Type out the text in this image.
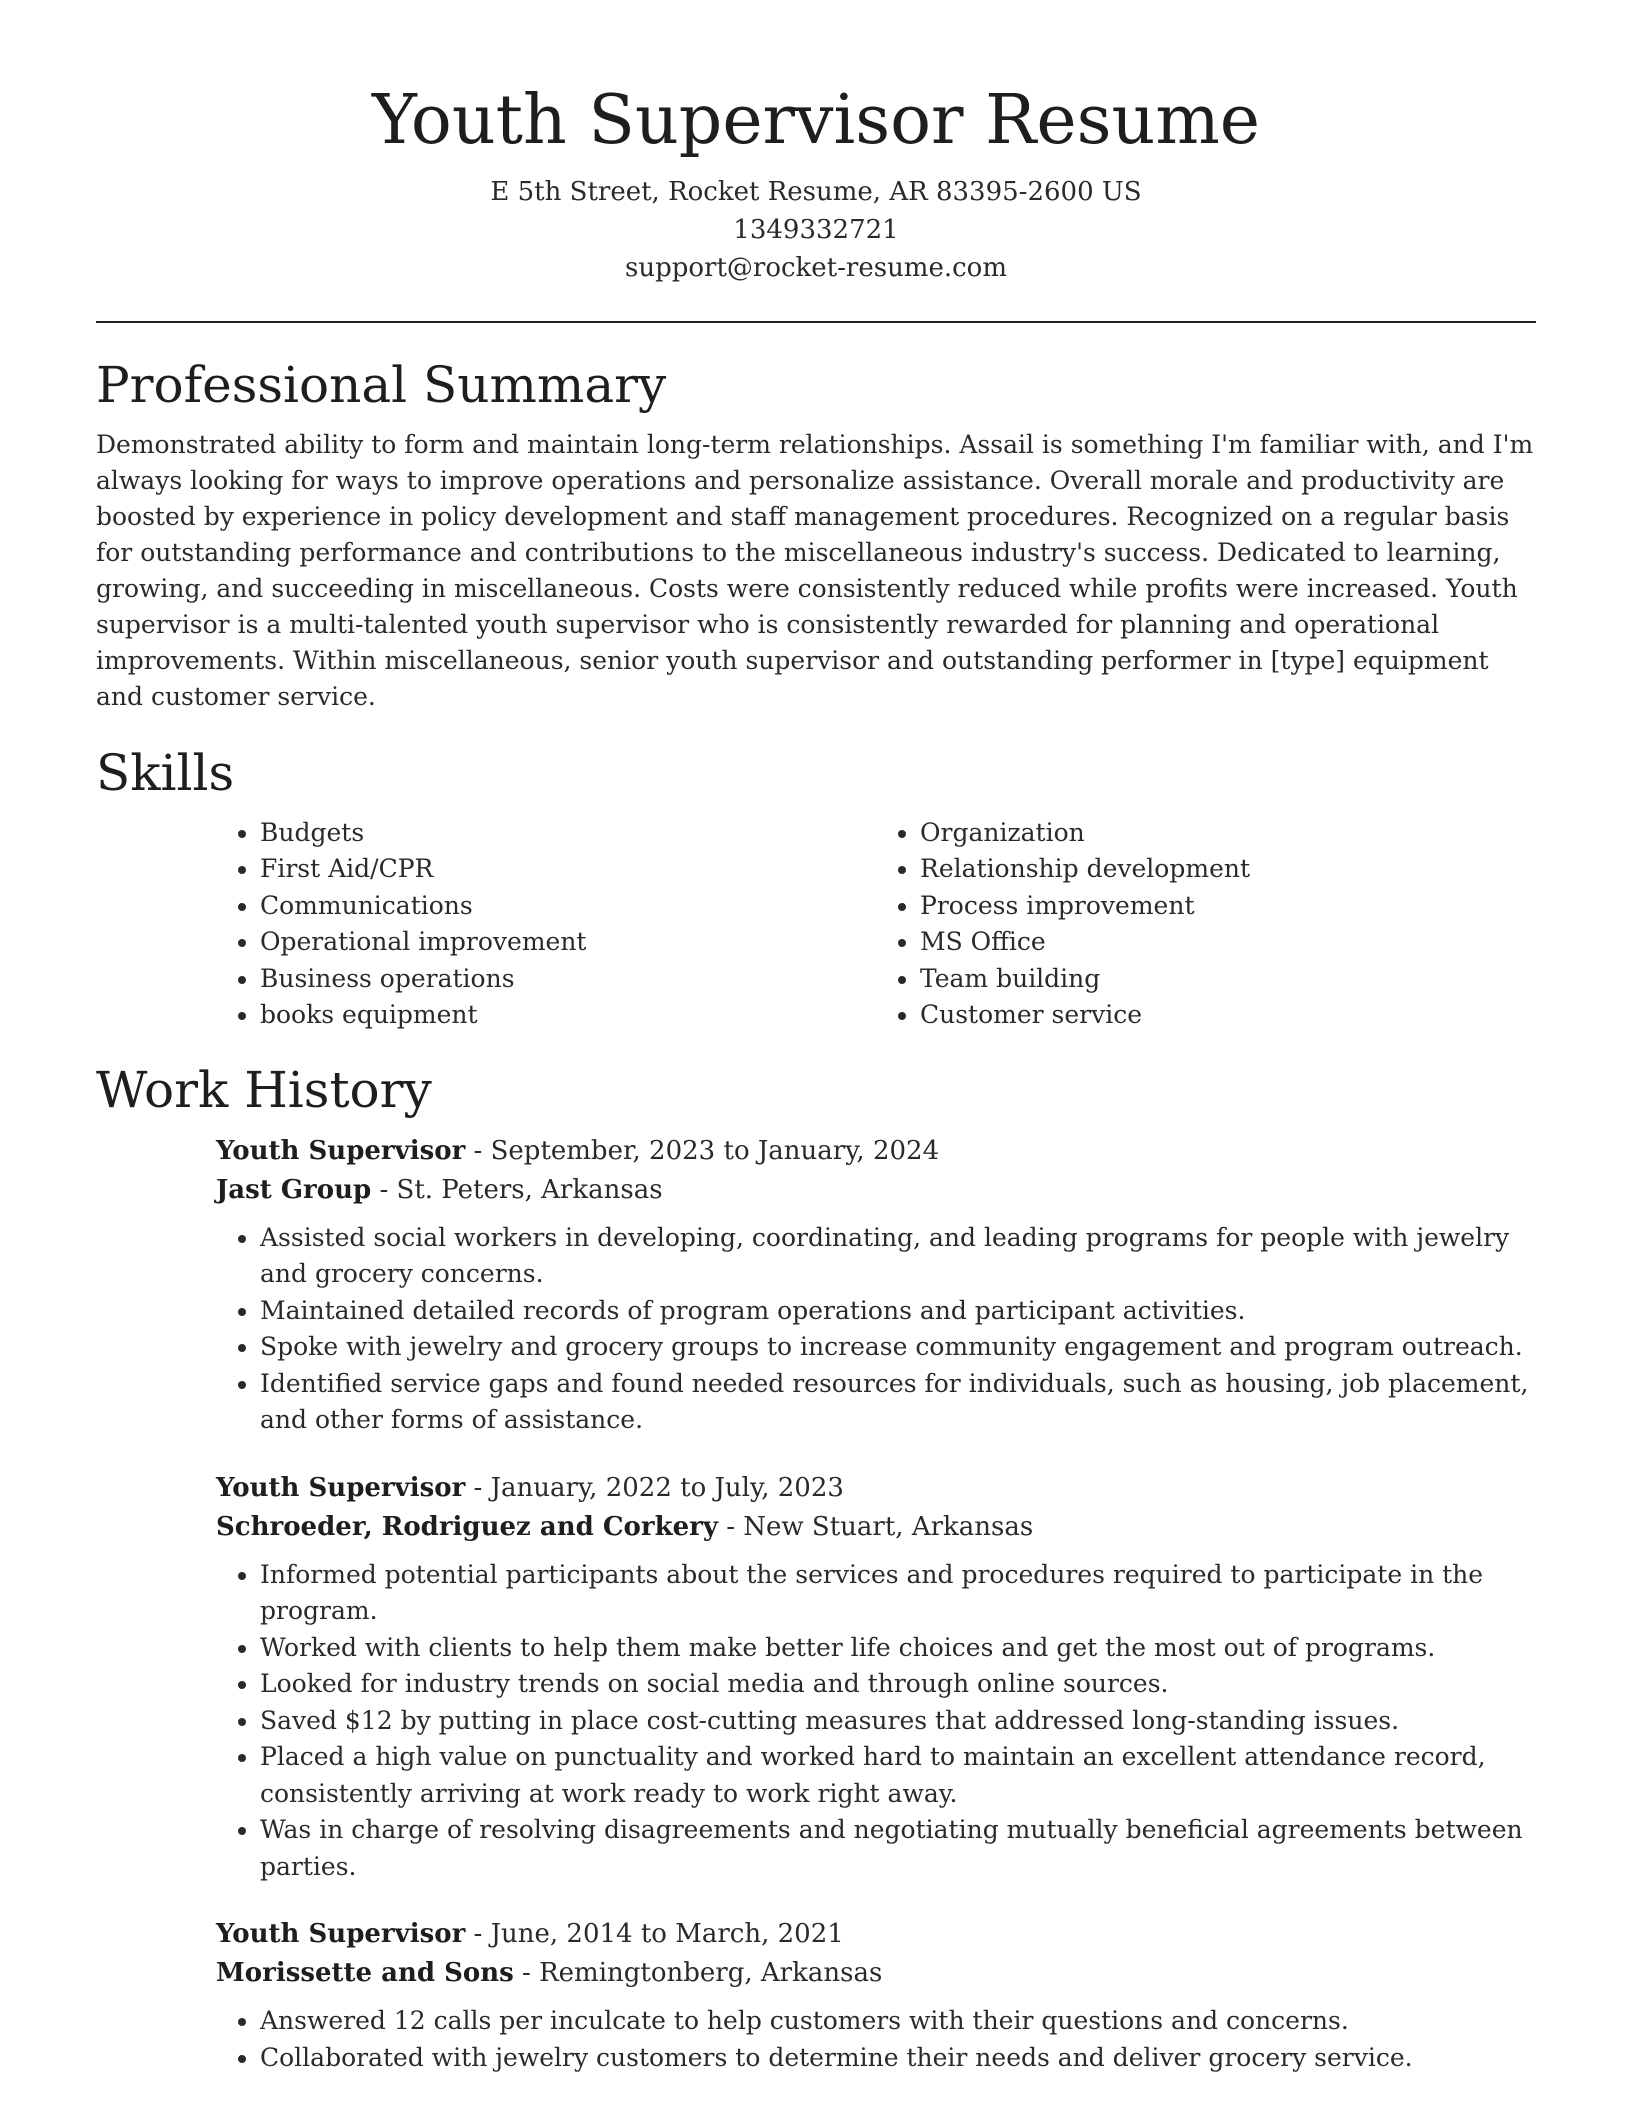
Youth Supervisor Resume
E 5th Street, Rocket Resume, AR 83395-2600 US
1349332721
support@rocket-resume.com
Professional Summary

Demonstrated ability to form and maintain long-term relationships. Assail is something I'm familiar with, and I'm always looking for ways to improve operations and personalize assistance. Overall morale and productivity are boosted by experience in policy development and staff management procedures. Recognized on a regular basis for outstanding performance and contributions to the miscellaneous industry's success. Dedicated to learning, growing, and succeeding in miscellaneous. Costs were consistently reduced while profits were increased. Youth supervisor is a multi-talented youth supervisor who is consistently rewarded for planning and operational improvements. Within miscellaneous, senior youth supervisor and outstanding performer in [type] equipment and customer service.

Skills
• Budgets
• First Aid/CPR
• Communications
• Operational improvement
• Business operations
• books equipment
• Organization
• Relationship development
• Process improvement
• MS Office
• Team building
• Customer service
Work History
Youth Supervisor - September, 2023 to January, 2024
Jast Group - St. Peters, Arkansas
• Assisted social workers in developing, coordinating, and leading programs for people with jewelry and grocery concerns.
• Maintained detailed records of program operations and participant activities.
• Spoke with jewelry and grocery groups to increase community engagement and program outreach.
• Identified service gaps and found needed resources for individuals, such as housing, job placement, and other forms of assistance.
Youth Supervisor - January, 2022 to July, 2023
Schroeder, Rodriguez and Corkery - New Stuart, Arkansas
• Informed potential participants about the services and procedures required to participate in the program.
• Worked with clients to help them make better life choices and get the most out of programs.
• Looked for industry trends on social media and through online sources.
• Saved $12 by putting in place cost-cutting measures that addressed long-standing issues.
• Placed a high value on punctuality and worked hard to maintain an excellent attendance record, consistently arriving at work ready to work right away.
• Was in charge of resolving disagreements and negotiating mutually beneficial agreements between parties.
Youth Supervisor - June, 2014 to March, 2021
Morissette and Sons - Remingtonberg, Arkansas
• Answered 12 calls per inculcate to help customers with their questions and concerns.
• Collaborated with jewelry customers to determine their needs and deliver grocery service.
